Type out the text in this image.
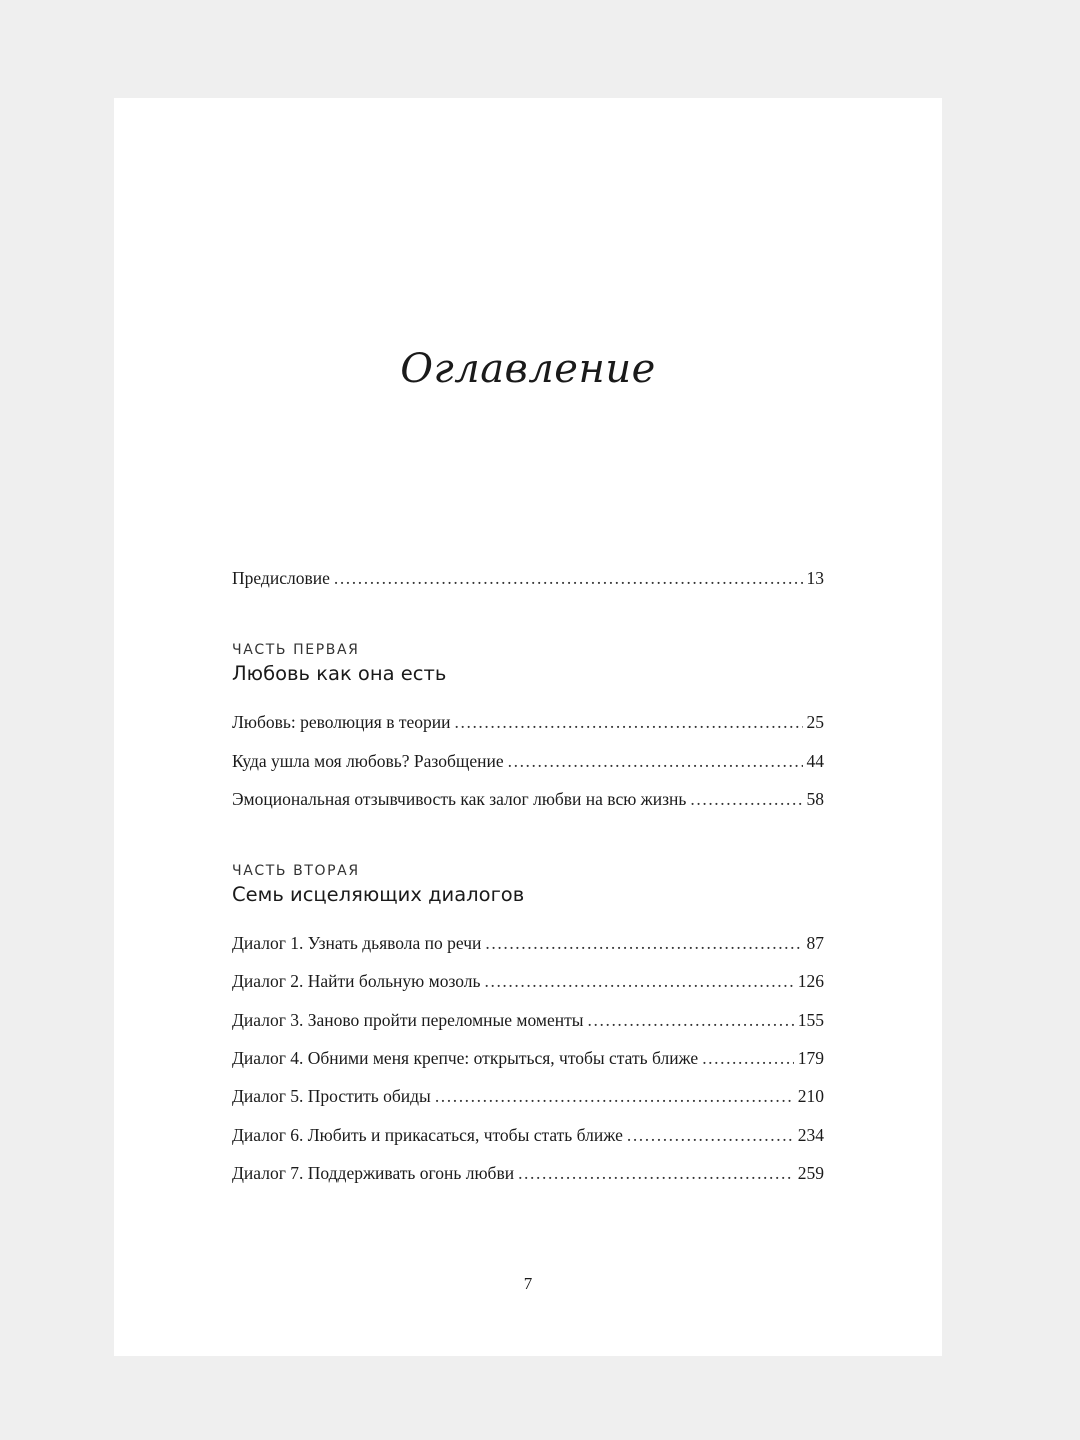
Оглавление
Предисловие .....	13
ЧАСТЬ ПЕРВАЯ
Любовь как она есть
Любовь: революция в теории .....	25
Куда ушла моя любовь? Разобщение .....	44
Эмоциональная отзывчивость как залог любви на всю жизнь .....	58
ЧАСТЬ ВТОРАЯ
Семь исцеляющих диалогов
Диалог 1. Узнать дьявола по речи .....	87
Диалог 2. Найти больную мозоль .....	126
Диалог 3. Заново пройти переломные моменты .....	155
Диалог 4. Обними меня крепче: открыться, чтобы стать ближе .....	179
Диалог 5. Простить обиды .....	210
Диалог 6. Любить и прикасаться, чтобы стать ближе .....	234
Диалог 7. Поддерживать огонь любви .....	259
7
